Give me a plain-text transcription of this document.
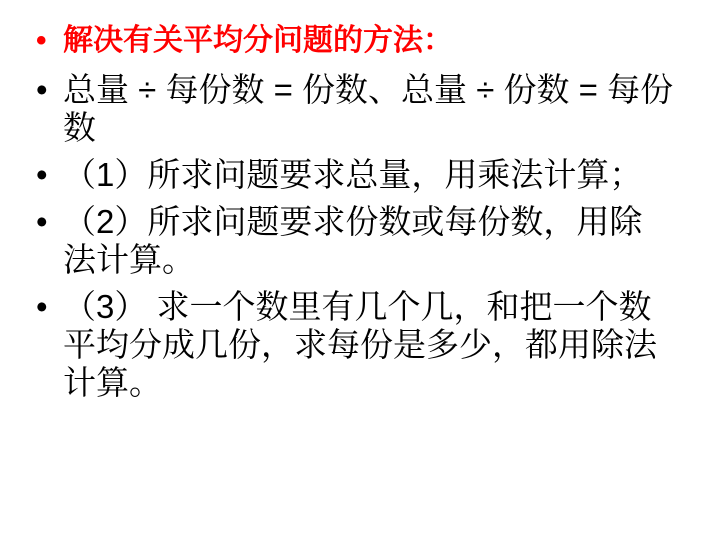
• 解决有关平均分问题的方法：
• 总量 ÷ 每份数 = 份数、总量 ÷ 份数 = 每份
数
• （1）所求问题要求总量，用乘法计算；
• （2）所求问题要求份数或每份数，用除
法计算。
• （3） 求一个数里有几个几，和把一个数
平均分成几份，求每份是多少，都用除法
计算。
